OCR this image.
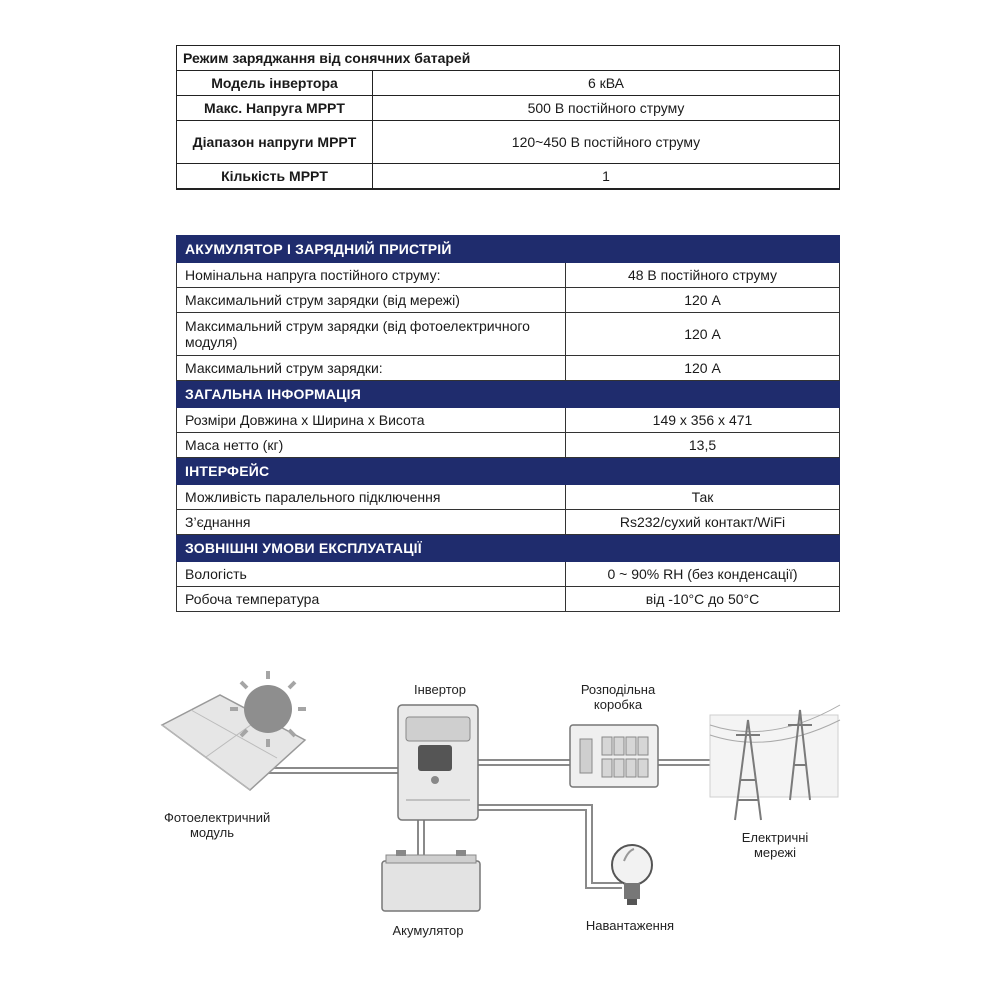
Режим заряджання від сонячних батарей	
Модель інвертора	6 кВА
Макс. Напруга MPPT	500 В постійного струму
Діапазон напруги MPPT	120~450 В постійного струму
Кількість MPPT	1
АКУМУЛЯТОР І ЗАРЯДНИЙ ПРИСТРІЙ	
Номінальна напруга постійного струму:	48 В постійного струму
Максимальний струм зарядки (від мережі)	120 А
Максимальний струм зарядки (від фотоелектричного модуля)	120 А
Максимальний струм зарядки:	120 А
ЗАГАЛЬНА ІНФОРМАЦІЯ	
Розміри Довжина х Ширина х Висота	149 x 356 x 471
Маса нетто (кг)	13,5
ІНТЕРФЕЙС	
Можливість паралельного підключення	Так
З’єднання	Rs232/сухий контакт/WiFi
ЗОВНІШНІ УМОВИ ЕКСПЛУАТАЦІЇ	
Вологість	0 ~ 90% RH (без конденсації)
Робоча температура	від -10°C до 50°C
Інвертор	Розподільна коробка
Фотоелектричний модуль
Акумулятор	Навантаження
Електричні мережі
